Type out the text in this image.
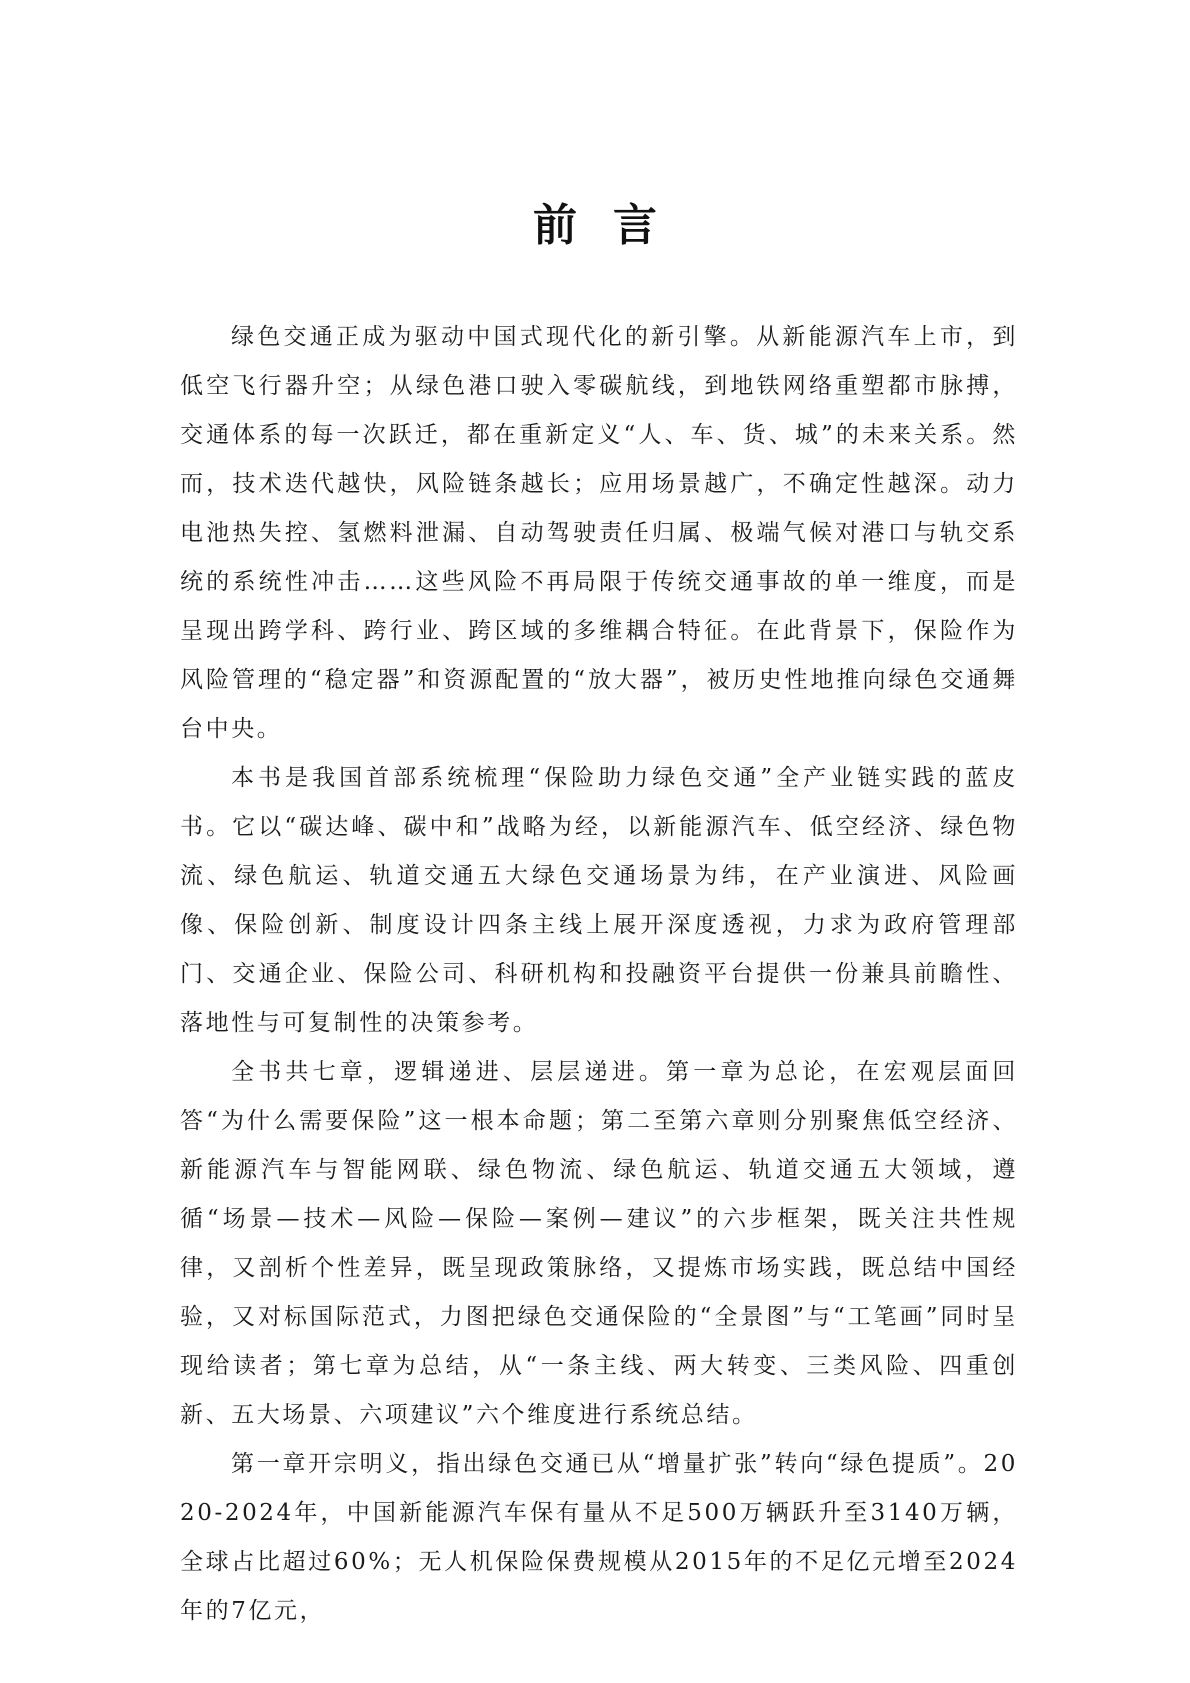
前言

绿色交通正成为驱动中国式现代化的新引擎。从新能源汽车上市，到低空飞行器升空；从绿色港口驶入零碳航线，到地铁网络重塑都市脉搏，交通体系的每一次跃迁，都在重新定义“人、车、货、城”的未来关系。然而，技术迭代越快，风险链条越长；应用场景越广，不确定性越深。动力电池热失控、氢燃料泄漏、自动驾驶责任归属、极端气候对港口与轨交系统的系统性冲击……这些风险不再局限于传统交通事故的单一维度，而是呈现出跨学科、跨行业、跨区域的多维耦合特征。在此背景下，保险作为风险管理的“稳定器”和资源配置的“放大器”，被历史性地推向绿色交通舞台中央。

本书是我国首部系统梳理“保险助力绿色交通”全产业链实践的蓝皮书。它以“碳达峰、碳中和”战略为经，以新能源汽车、低空经济、绿色物流、绿色航运、轨道交通五大绿色交通场景为纬，在产业演进、风险画像、保险创新、制度设计四条主线上展开深度透视，力求为政府管理部门、交通企业、保险公司、科研机构和投融资平台提供一份兼具前瞻性、落地性与可复制性的决策参考。

全书共七章，逻辑递进、层层递进。第一章为总论，在宏观层面回答“为什么需要保险”这一根本命题；第二至第六章则分别聚焦低空经济、新能源汽车与智能网联、绿色物流、绿色航运、轨道交通五大领域，遵循“场景—技术—风险—保险—案例—建议”的六步框架，既关注共性规律，又剖析个性差异，既呈现政策脉络，又提炼市场实践，既总结中国经验，又对标国际范式，力图把绿色交通保险的“全景图”与“工笔画”同时呈现给读者；第七章为总结，从“一条主线、两大转变、三类风险、四重创新、五大场景、六项建议”六个维度进行系统总结。

第一章开宗明义，指出绿色交通已从“增量扩张”转向“绿色提质”。2020-2024年，中国新能源汽车保有量从不足500万辆跃升至3140万辆，全球占比超过60%；无人机保险保费规模从2015年的不足亿元增至2024年的7亿元，
